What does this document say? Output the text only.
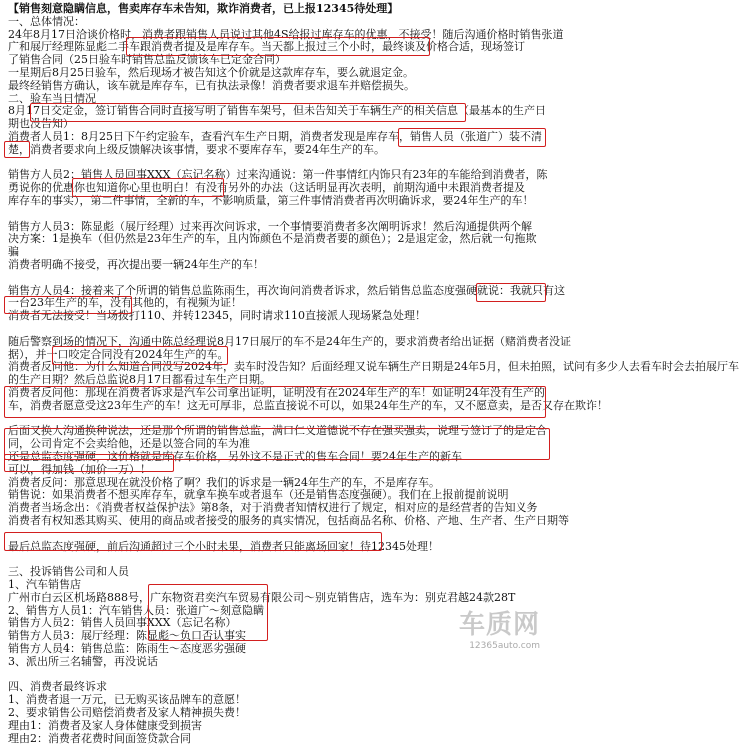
【销售刻意隐瞒信息，售卖库存车未告知，欺诈消费者，已上报12345待处理】
一、总体情况：
24年8月17日洽谈价格时，消费者跟销售人员说过其他4S给报过库存车的优惠，不接受！随后沟通价格时销售张道
广和展厅经理陈显彪二手车跟消费者提及是库存车。当天都上报过三个小时，最终谈及价格合适，现场签订
了销售合同（25日验车时销售总监反馈该车已定金合同）
一星期后8月25日验车，然后现场才被告知这个价就是这款库存车，要么就退定金。
最终经销售方确认，该车就是库存车，已有执法录像！消费者要求退车并赔偿损失。
二、验车当日情况
8月17日交定金，签订销售合同时直接写明了销售车架号，但未告知关于车辆生产的相关信息（最基本的生产日
期也没告知）
消费者人员1：8月25日下午约定验车，查看汽车生产日期，消费者发现是库存车，销售人员（张道广）装不清
楚，消费者要求向上级反馈解决该事情，要求不要库存车，要24年生产的车。
销售方人员2：销售人员回事XXX（忘记名称）过来沟通说：第一件事情红内饰只有23年的车能给到消费者，陈
勇说你的优惠你也知道你心里也明白！有没有另外的办法（这话明显再次表明，前期沟通中未跟消费者提及
库存车的事实），第二件事情，全新的车，不影响质量，第三件事情消费者再次明确诉求，要24年生产的车！
销售方人员3：陈显彪（展厅经理）过来再次问诉求，一个事情要消费者多次阐明诉求！然后沟通提供两个解
决方案：1是换车（但仍然是23年生产的车，且内饰颜色不是消费者要的颜色）；2是退定金，然后就一句拖欺
骗
消费者明确不接受，再次提出要一辆24年生产的车！
销售方人员4：接着来了个所谓的销售总监陈雨生，再次询问消费者诉求，然后销售总监态度强硬就说：我就只有这
一台23年生产的车，没有其他的，有视频为证！
消费者无法接受！当场拨打110、并转12345，同时请求110直接派人现场紧急处理！
随后警察到场的情况下，沟通中陈总经理说8月17日展厅的车不是24年生产的，要求消费者给出证据（赌消费者没证
据），并一口咬定合同没有2024年生产的车。
消费者反问他：为什么知道合同没写2024年，卖车时没告知？后面经理又说车辆生产日期是24年5月，但未拍照，试问有多少人去看车时会去拍展厅车
的生产日期？然后总监说8月17日都看过车生产日期。
消费者反问他：那现在消费者诉求是汽车公司拿出证明，证明没有在2024年生产的车！如证明24年没有生产的
车，消费者愿意受这23年生产的车！这无可厚非，总监直接说不可以，如果24年生产的车，又不愿意卖，是否又存在欺诈！
后面又换人沟通换种说法，还是那个所谓的销售总监，满口仁义道德说不存在强买强卖，说理亏签订了的是定合
同，公司肯定不会卖给他，还是以签合同的车为准
还是总监态度强硬，这价格就是库存车价格，另外这不是正式的售车合同！要24年生产的新车
可以，得加钱（加价一万）！
消费者反问：那意思现在就没价格了啊？我们的诉求是一辆24年生产的车，不是库存车。
销售说：如果消费者不想买库存车，就拿车换车或者退车（还是销售态度强硬）。我们在上报前提前说明
消费者当场念出：《消费者权益保护法》第8条，对于消费者知情权进行了规定，相对应的是经营者的告知义务
消费者有权知悉其购买、使用的商品或者接受的服务的真实情况，包括商品名称、价格、产地、生产者、生产日期等
最后总监态度强硬，前后沟通超过三个小时未果，消费者只能离场回家！待12345处理！
三、投诉销售公司和人员
1、汽车销售店
广州市白云区机场路888号，广东物资君奕汽车贸易有限公司～别克销售店，选车为：别克君越24款28T
2、销售方人员1：汽车销售人员：张道广～刻意隐瞒
销售方人员2：销售人员回事XXX（忘记名称）
销售方人员3：展厅经理：陈显彪～负口否认事实
销售方人员4：销售总监：陈雨生～态度恶劣强硬
3、派出所三名辅警，再没说话
四、消费者最终诉求
1、消费者退一万元，已无购买该品牌车的意愿！
2、要求销售公司赔偿消费者及家人精神损失费！
理由1：消费者及家人身体健康受到损害
理由2：消费者花费时间面签贷款合同
车质网
12365auto.com
